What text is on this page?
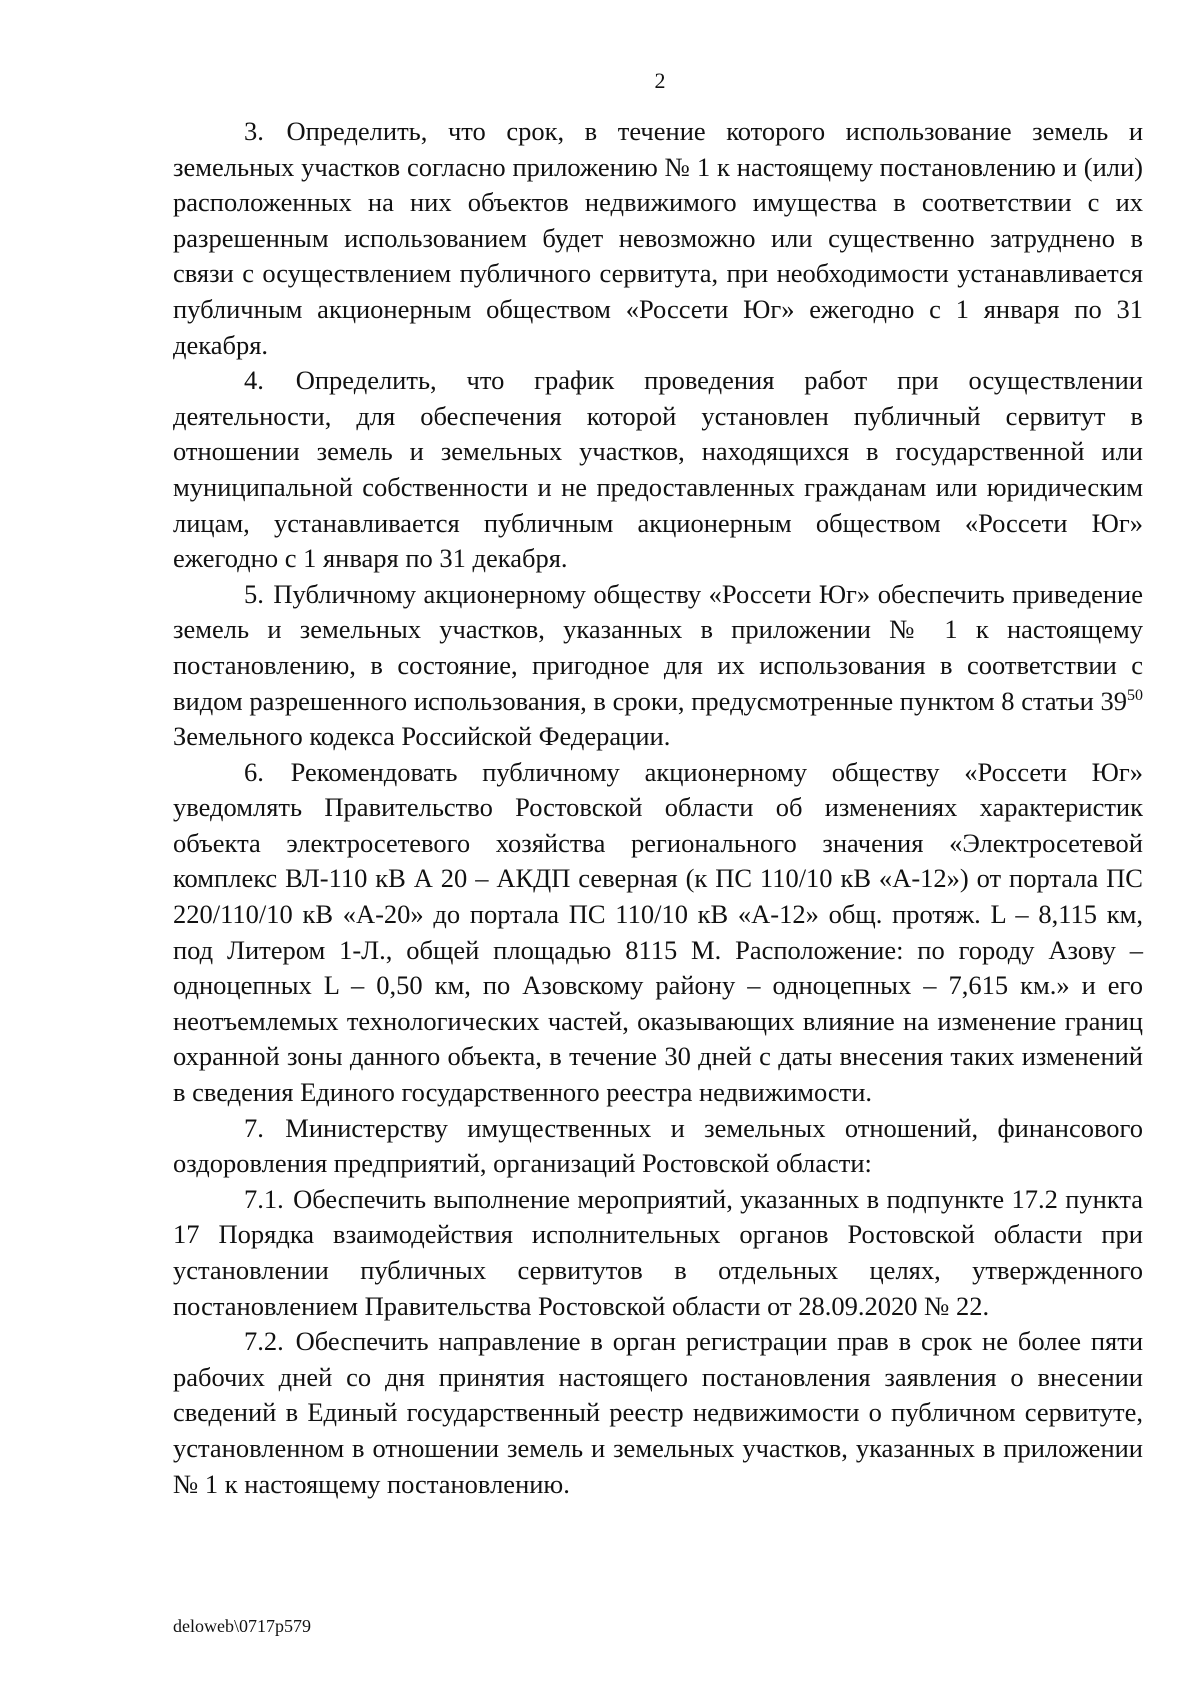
2

3. Определить, что срок, в течение которого использование земель и земельных участков согласно приложению № 1 к настоящему постановлению и (или) расположенных на них объектов недвижимого имущества в соответствии с их разрешенным использованием будет невозможно или существенно затруднено в связи с осуществлением публичного сервитута, при необходимости устанавливается публичным акционерным обществом «Россети Юг» ежегодно с 1 января по 31 декабря.

4. Определить, что график проведения работ при осуществлении деятельности, для обеспечения которой установлен публичный сервитут в отношении земель и земельных участков, находящихся в государственной или муниципальной собственности и не предоставленных гражданам или юридическим лицам, устанавливается публичным акционерным обществом «Россети Юг» ежегодно с 1 января по 31 декабря.

5. Публичному акционерному обществу «Россети Юг» обеспечить приведение земель и земельных участков, указанных в приложении № 1 к настоящему постановлению, в состояние, пригодное для их использования в соответствии с видом разрешенного использования, в сроки, предусмотренные пунктом 8 статьи $39^{50}$ Земельного кодекса Российской Федерации.

6. Рекомендовать публичному акционерному обществу «Россети Юг» уведомлять Правительство Ростовской области об изменениях характеристик объекта электросетевого хозяйства регионального значения «Электросетевой комплекс ВЛ-110 кВ А 20 – АКДП северная (к ПС 110/10 кВ «А-12») от портала ПС 220/110/10 кВ «А-20» до портала ПС 110/10 кВ «А-12» общ. протяж. L – 8,115 км, под Литером 1-Л., общей площадью 8115 М. Расположение: по городу Азову – одноцепных L – 0,50 км, по Азовскому району – одноцепных – 7,615 км.» и его неотъемлемых технологических частей, оказывающих влияние на изменение границ охранной зоны данного объекта, в течение 30 дней с даты внесения таких изменений в сведения Единого государственного реестра недвижимости.

7. Министерству имущественных и земельных отношений, финансового оздоровления предприятий, организаций Ростовской области:

7.1. Обеспечить выполнение мероприятий, указанных в подпункте 17.2 пункта 17 Порядка взаимодействия исполнительных органов Ростовской области при установлении публичных сервитутов в отдельных целях, утвержденного постановлением Правительства Ростовской области от 28.09.2020 № 22.

7.2. Обеспечить направление в орган регистрации прав в срок не более пяти рабочих дней со дня принятия настоящего постановления заявления о внесении сведений в Единый государственный реестр недвижимости о публичном сервитуте, установленном в отношении земель и земельных участков, указанных в приложении № 1 к настоящему постановлению.

deloweb\0717p579
